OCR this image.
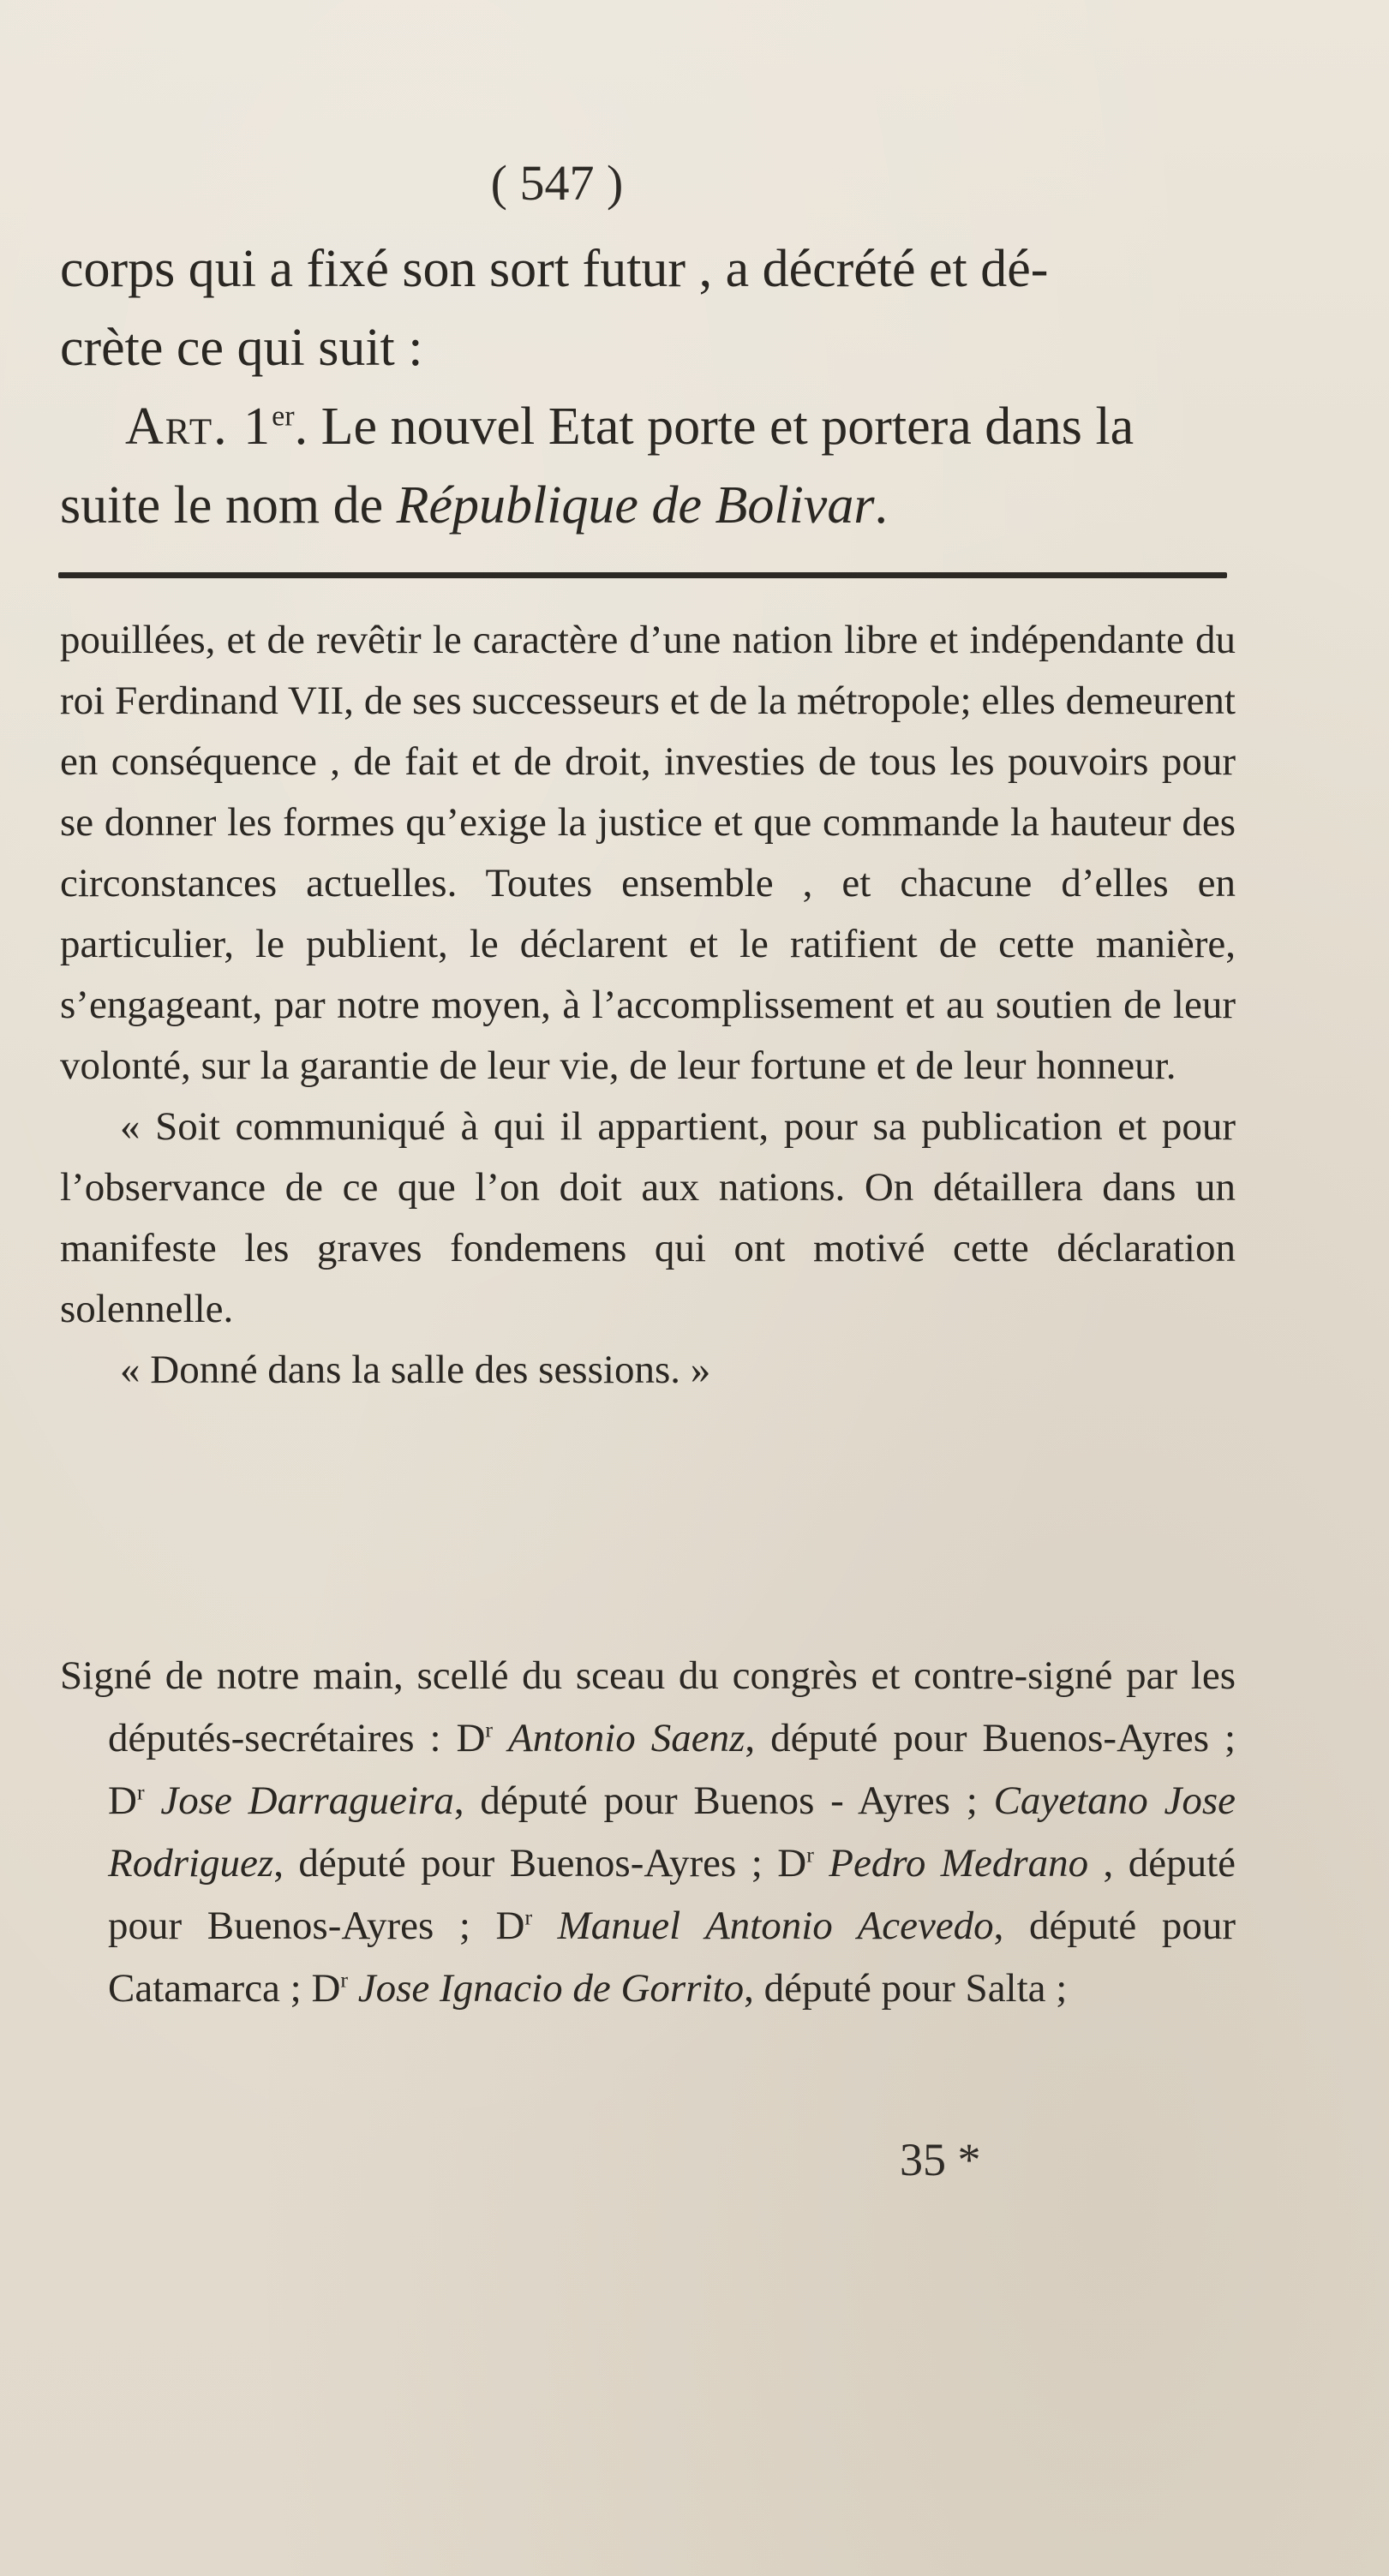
( 547 )

corps qui a fixé son sort futur , a décrété et dé-

crète ce qui suit :

Art. 1er. Le nouvel Etat porte et portera dans la suite le nom de République de Bolivar.

pouillées, et de revêtir le caractère d’une nation libre et indépendante du roi Ferdinand VII, de ses successeurs et de la métropole; elles demeurent en conséquence , de fait et de droit, investies de tous les pouvoirs pour se donner les formes qu’exige la justice et que commande la hauteur des circonstances actuelles. Toutes ensemble , et chacune d’elles en particulier, le publient, le déclarent et le ratifient de cette manière, s’engageant, par notre moyen, à l’accomplissement et au soutien de leur volonté, sur la garantie de leur vie, de leur fortune et de leur honneur.

« Soit communiqué à qui il appartient, pour sa publication et pour l’observance de ce que l’on doit aux nations. On détaillera dans un manifeste les graves fondemens qui ont motivé cette déclaration solennelle.

« Donné dans la salle des sessions. »

Signé de notre main, scellé du sceau du congrès et contre-signé par les députés-secrétaires : $D^r$ Antonio Saenz, député pour Buenos-Ayres ; $D^r$ Jose Darragueira, député pour Buenos - Ayres ; Cayetano Jose Rodriguez, député pour Buenos-Ayres ; $D^r$ Pedro Medrano , député pour Buenos-Ayres ; $D^r$ Manuel Antonio Acevedo, député pour Catamarca ; $D^r$ Jose Ignacio de Gorrito, député pour Salta ;

35 *
